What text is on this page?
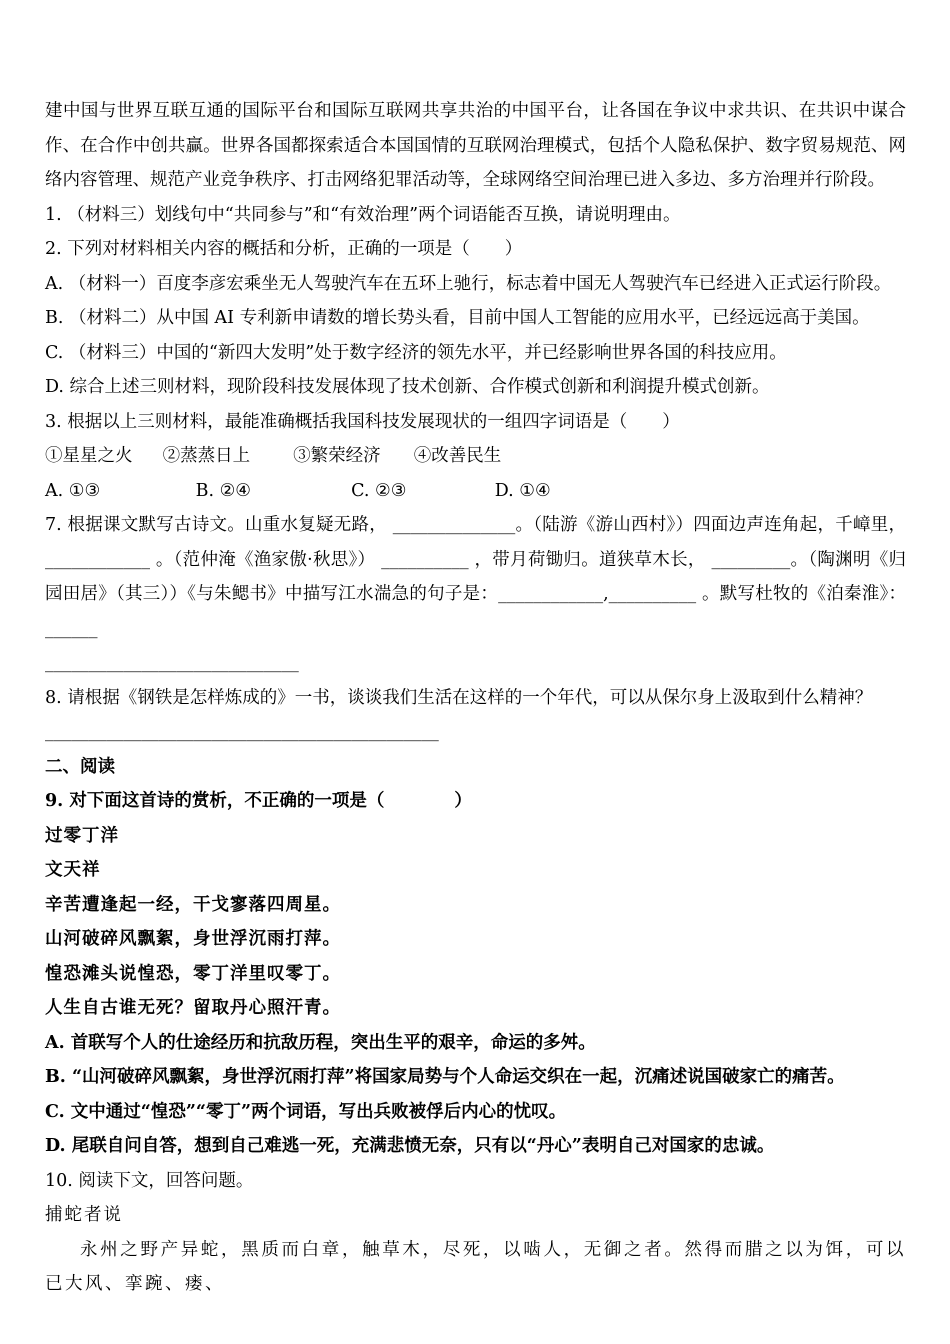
建中国与世界互联互通的国际平台和国际互联网共享共治的中国平台，让各国在争议中求共识、在共识中谋合作、在合作中创共赢。世界各国都探索适合本国国情的互联网治理模式，包括个人隐私保护、数字贸易规范、网络内容管理、规范产业竞争秩序、打击网络犯罪活动等，全球网络空间治理已进入多边、多方治理并行阶段。

1. （材料三）划线句中“共同参与”和“有效治理”两个词语能否互换，请说明理由。

2. 下列对材料相关内容的概括和分析，正确的一项是（　　）

A. （材料一）百度李彦宏乘坐无人驾驶汽车在五环上驰行，标志着中国无人驾驶汽车已经进入正式运行阶段。

B. （材料二）从中国 AI 专利新申请数的增长势头看，目前中国人工智能的应用水平，已经远远高于美国。

C. （材料三）中国的“新四大发明”处于数字经济的领先水平，并已经影响世界各国的科技应用。

D. 综合上述三则材料，现阶段科技发展体现了技术创新、合作模式创新和利润提升模式创新。

3. 根据以上三则材料，最能准确概括我国科技发展现状的一组四字词语是（　　）

①星星之火 ②蒸蒸日上 ③繁荣经济 ④改善民生

A. ①③	B. ②④	C. ②③	D. ①④

7. 根据课文默写古诗文。山重水复疑无路， ______________。（陆游《游山西村》）四面边声连角起，千嶂里，____________ 。（范仲淹《渔家傲·秋思》） __________ ，带月荷锄归。道狭草木长， _________。（陶渊明《归园田居》（其三））《与朱鳃书》中描写江水湍急的句子是：____________,__________ 。默写杜牧的《泊秦淮》：______

_____________________________

8. 请根据《钢铁是怎样炼成的》一书，谈谈我们生活在这样的一个年代，可以从保尔身上汲取到什么精神？

_____________________________________________

二、阅读

9. 对下面这首诗的赏析，不正确的一项是（　　　　）

过零丁洋

文天祥

辛苦遭逢起一经，干戈寥落四周星。

山河破碎风飘絮，身世浮沉雨打萍。

惶恐滩头说惶恐，零丁洋里叹零丁。

人生自古谁无死？留取丹心照汗青。

A. 首联写个人的仕途经历和抗敌历程，突出生平的艰辛，命运的多舛。

B. “山河破碎风飘絮，身世浮沉雨打萍”将国家局势与个人命运交织在一起，沉痛述说国破家亡的痛苦。

C. 文中通过“惶恐”“零丁”两个词语，写出兵败被俘后内心的忧叹。

D. 尾联自问自答，想到自己难逃一死，充满悲愤无奈，只有以“丹心”表明自己对国家的忠诚。

10. 阅读下文，回答问题。

捕蛇者说

永州之野产异蛇，黑质而白章，触草木，尽死，以啮人，无御之者。然得而腊之以为饵，可以已大风、挛踠、瘘、
